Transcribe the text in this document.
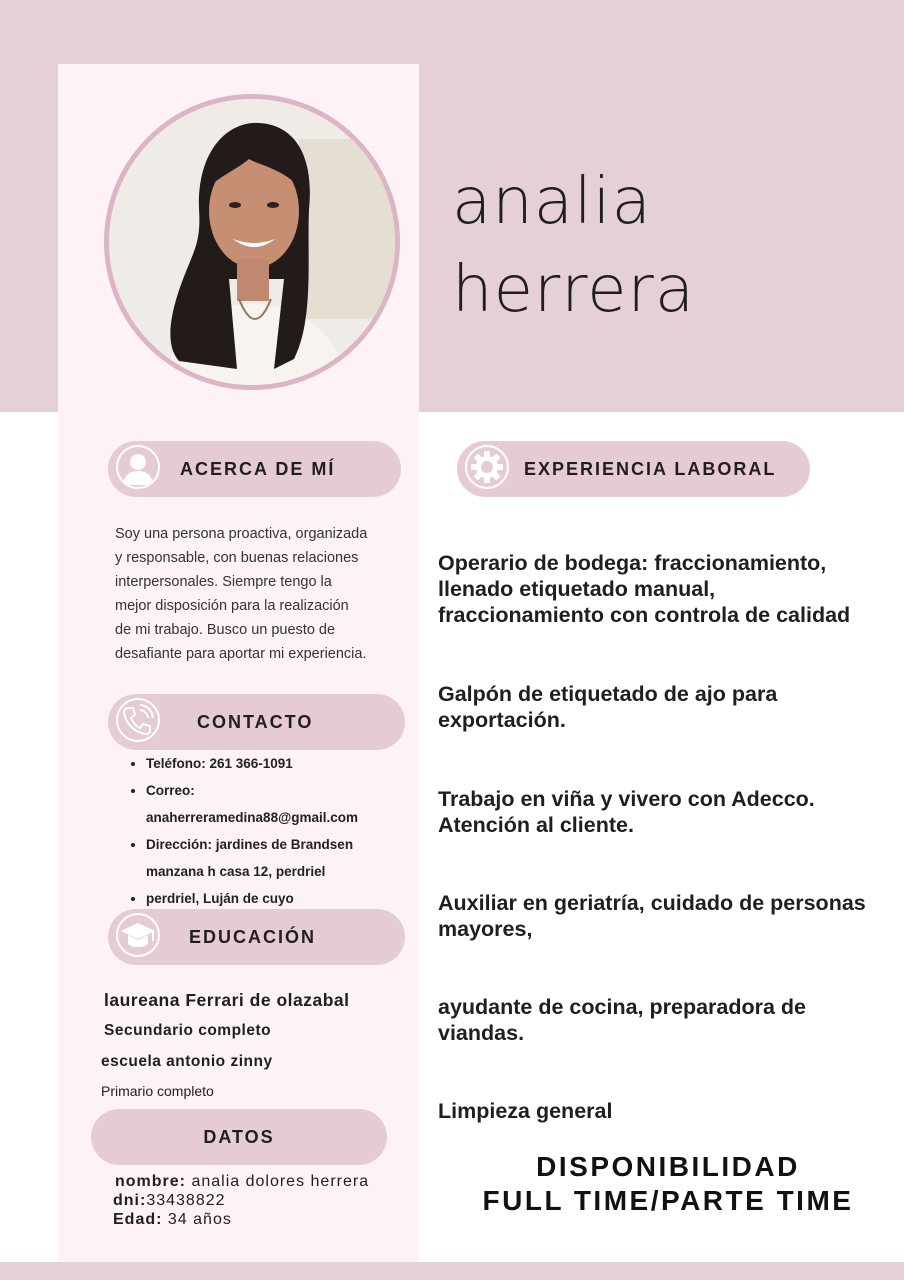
analia
herrera
ACERCA DE MÍ	EXPERIENCIA LABORAL
Soy una persona proactiva, organizada
y responsable, con buenas relaciones
interpersonales. Siempre tengo la
mejor disposición para la realización
de mi trabajo. Busco un puesto de
desafiante para aportar mi experiencia.
CONTACTO
• Teléfono: 261 366-1091
• Correo:
anaherreramedina88@gmail.com
• Dirección: jardines de Brandsen
manzana h casa 12, perdriel
• perdriel, Luján de cuyo
EDUCACIÓN
laureana Ferrari de olazabal
Secundario completo
escuela antonio zinny
Primario completo
DATOS
nombre: analia dolores herrera
dni:33438822
Edad: 34 años
Operario de bodega: fraccionamiento,
llenado etiquetado manual,
fraccionamiento con controla de calidad
Galpón de etiquetado de ajo para
exportación.
Trabajo en viña y vivero con Adecco.
Atención al cliente.
Auxiliar en geriatría, cuidado de personas
mayores,
ayudante de cocina, preparadora de
viandas.
Limpieza general
DISPONIBILIDAD
FULL TIME/PARTE TIME
